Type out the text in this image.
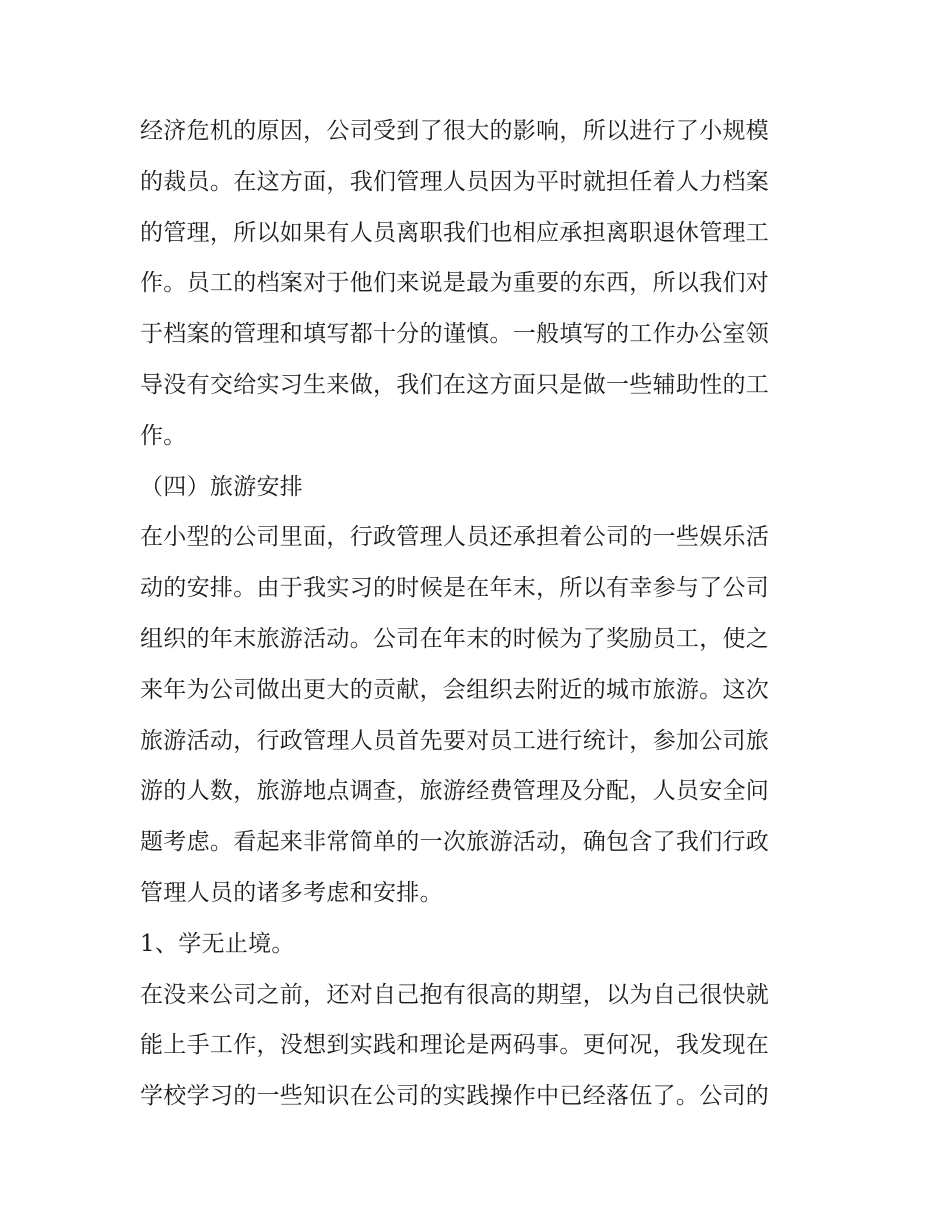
经济危机的原因，公司受到了很大的影响，所以进行了小规模
的裁员。在这方面，我们管理人员因为平时就担任着人力档案
的管理，所以如果有人员离职我们也相应承担离职退休管理工
作。员工的档案对于他们来说是最为重要的东西，所以我们对
于档案的管理和填写都十分的谨慎。一般填写的工作办公室领
导没有交给实习生来做，我们在这方面只是做一些辅助性的工
作。
（四）旅游安排
在小型的公司里面，行政管理人员还承担着公司的一些娱乐活
动的安排。由于我实习的时候是在年末，所以有幸参与了公司
组织的年末旅游活动。公司在年末的时候为了奖励员工，使之
来年为公司做出更大的贡献，会组织去附近的城市旅游。这次
旅游活动，行政管理人员首先要对员工进行统计，参加公司旅
游的人数，旅游地点调查，旅游经费管理及分配，人员安全问
题考虑。看起来非常简单的一次旅游活动，确包含了我们行政
管理人员的诸多考虑和安排。
1、学无止境。
在没来公司之前，还对自己抱有很高的期望，以为自己很快就
能上手工作，没想到实践和理论是两码事。更何况，我发现在
学校学习的一些知识在公司的实践操作中已经落伍了。公司的
